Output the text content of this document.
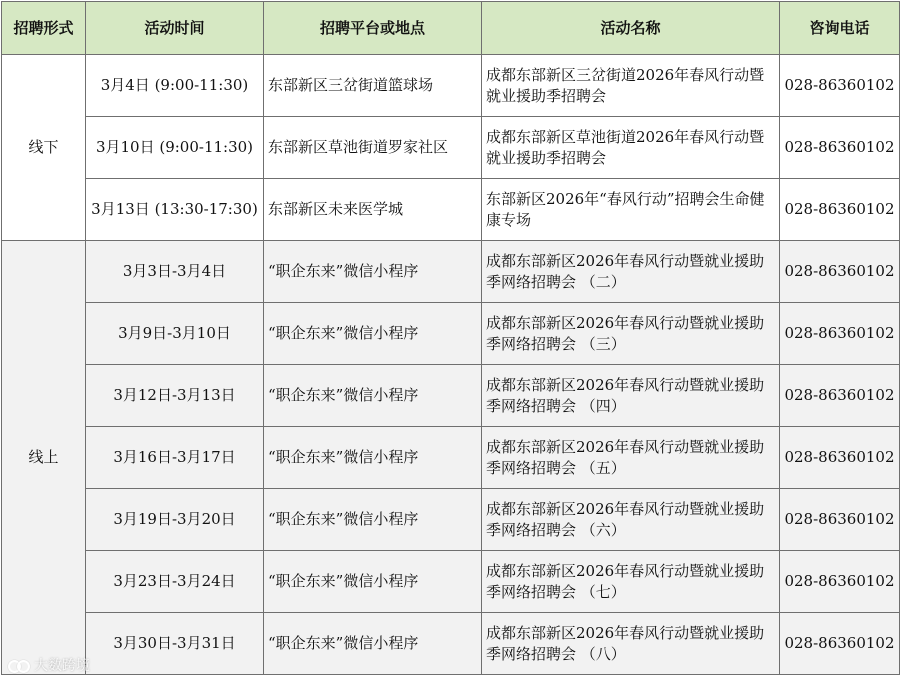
招聘形式	活动时间	招聘平台或地点	活动名称	咨询电话
线下	3月4日 (9:00-11:30)	东部新区三岔街道篮球场	成都东部新区三岔街道2026年春风行动暨就业援助季招聘会	028-86360102
	3月10日 (9:00-11:30)	东部新区草池街道罗家社区	成都东部新区草池街道2026年春风行动暨就业援助季招聘会	028-86360102
	3月13日 (13:30-17:30)	东部新区未来医学城	东部新区2026年“春风行动”招聘会生命健康专场	028-86360102
线上	3月3日-3月4日	“职企东来”微信小程序	成都东部新区2026年春风行动暨就业援助季网络招聘会 （二）	028-86360102
	3月9日-3月10日	“职企东来”微信小程序	成都东部新区2026年春风行动暨就业援助季网络招聘会 （三）	028-86360102
	3月12日-3月13日	“职企东来”微信小程序	成都东部新区2026年春风行动暨就业援助季网络招聘会 （四）	028-86360102
	3月16日-3月17日	“职企东来”微信小程序	成都东部新区2026年春风行动暨就业援助季网络招聘会 （五）	028-86360102
	3月19日-3月20日	“职企东来”微信小程序	成都东部新区2026年春风行动暨就业援助季网络招聘会 （六）	028-86360102
	3月23日-3月24日	“职企东来”微信小程序	成都东部新区2026年春风行动暨就业援助季网络招聘会 （七）	028-86360102
	3月30日-3月31日	“职企东来”微信小程序	成都东部新区2026年春风行动暨就业援助季网络招聘会 （八）	028-86360102
大数跨境
